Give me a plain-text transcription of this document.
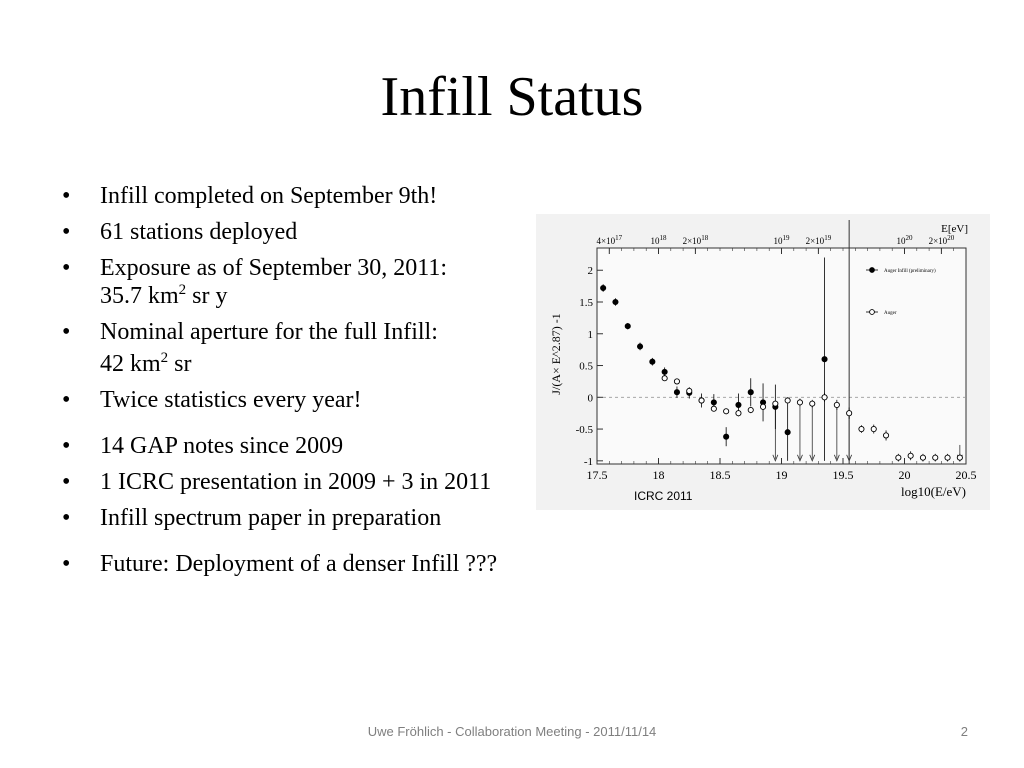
Infill Status
• Infill completed on September 9th!
• 61 stations deployed
• Exposure as of September 30, 2011:
35.7 $km^2$ sr y
• Nominal aperture for the full Infill:
42 $km^2$ sr
• Twice statistics every year!
• 14 GAP notes since 2009
• 1 ICRC presentation in 2009 + 3 in 2011
• Infill spectrum paper in preparation
• Future: Deployment of a denser Infill ???
17.5	18	18.5	19	19.5	20	20.5
-1
-0.5
0
0.5
1
1.5
2
$4\times 10^{17}$	$10^{18}$ $2\times 10^{18}$	$10^{19}$ $2\times 10^{19}$	$10^{20}$ $2\times 10^{20}$
Auger Infill (preliminary)
Auger
log10(E/eV)
J/(A× E^2.87) -1
E[eV]
ICRC 2011
Uwe Fröhlich - Collaboration Meeting - 2011/11/14	2
